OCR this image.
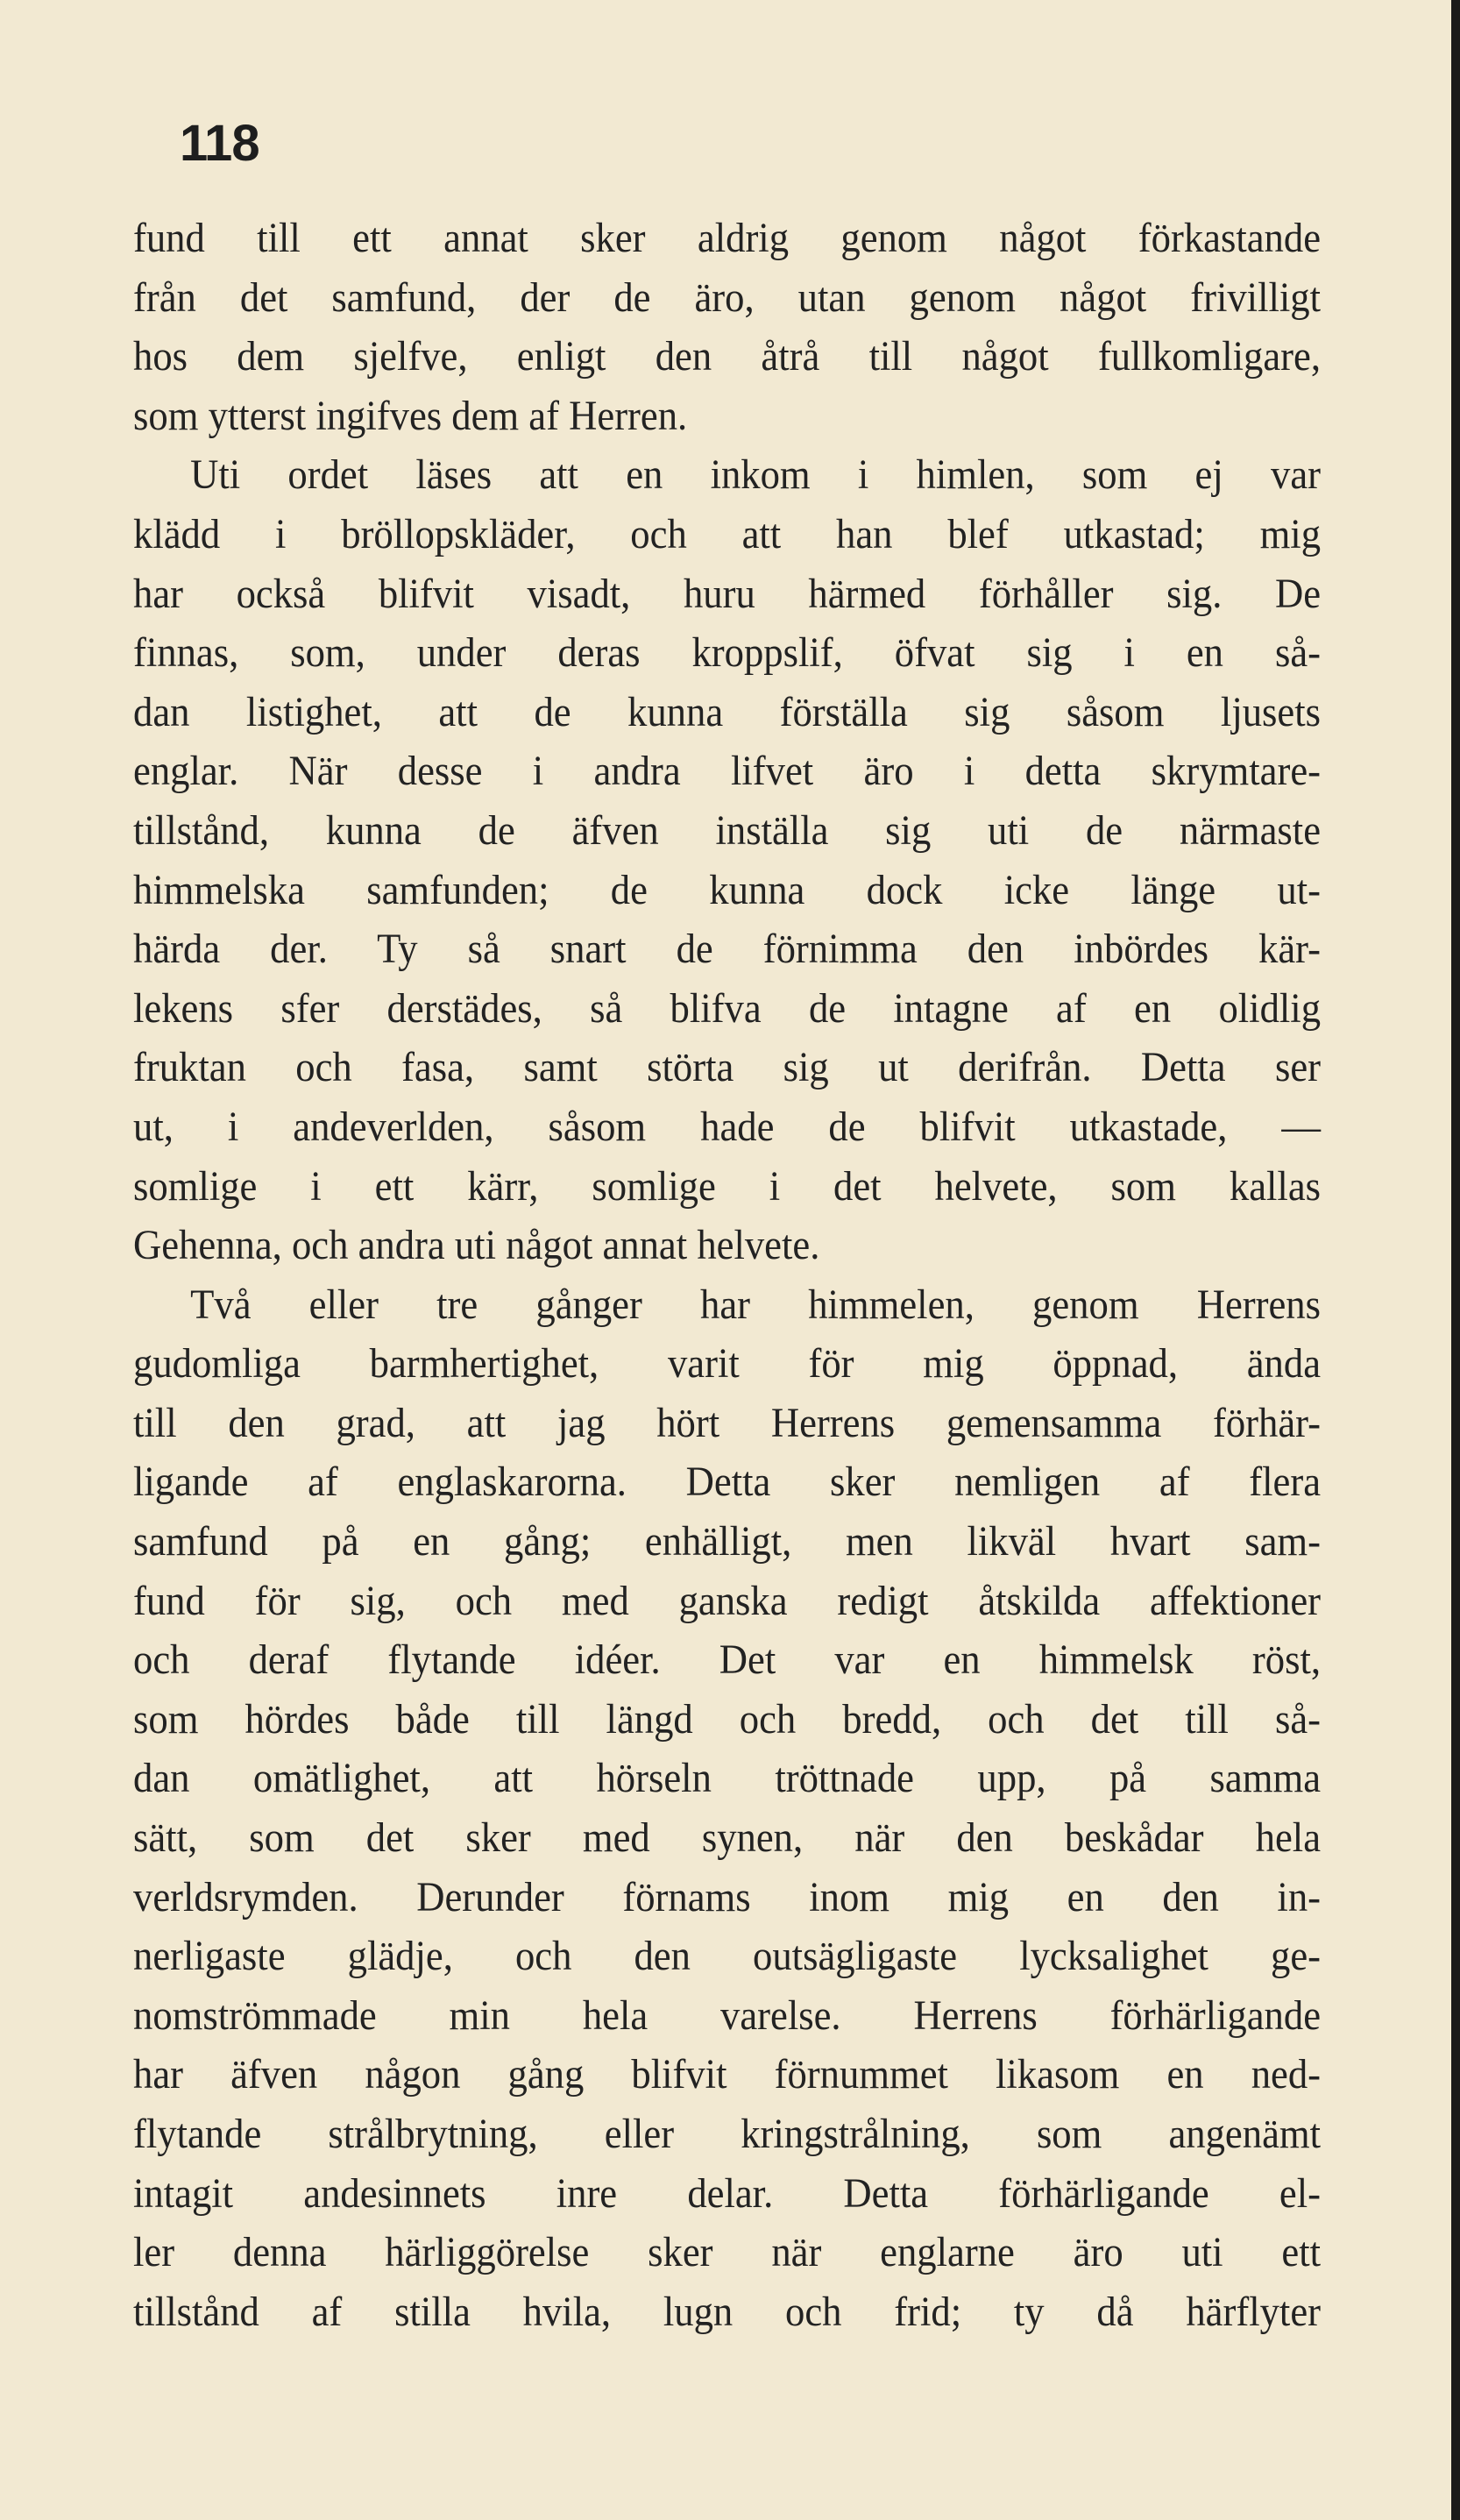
118
fund till ett annat sker aldrig genom något förkastande
från det samfund, der de äro, utan genom något frivilligt
hos dem sjelfve, enligt den åtrå till något fullkomligare,
som ytterst ingifves dem af Herren.
Uti ordet läses att en inkom i himlen, som ej var
klädd i bröllopskläder, och att han blef utkastad; mig
har också blifvit visadt, huru härmed förhåller sig. De
finnas, som, under deras kroppslif, öfvat sig i en så-
dan listighet, att de kunna förställa sig såsom ljusets
englar. När desse i andra lifvet äro i detta skrymtare-
tillstånd, kunna de äfven inställa sig uti de närmaste
himmelska samfunden; de kunna dock icke länge ut-
härda der. Ty så snart de förnimma den inbördes kär-
lekens sfer derstädes, så blifva de intagne af en olidlig
fruktan och fasa, samt störta sig ut derifrån. Detta ser
ut, i andeverlden, såsom hade de blifvit utkastade, —
somlige i ett kärr, somlige i det helvete, som kallas
Gehenna, och andra uti något annat helvete.
Två eller tre gånger har himmelen, genom Herrens
gudomliga barmhertighet, varit för mig öppnad, ända
till den grad, att jag hört Herrens gemensamma förhär-
ligande af englaskarorna. Detta sker nemligen af flera
samfund på en gång; enhälligt, men likväl hvart sam-
fund för sig, och med ganska redigt åtskilda affektioner
och deraf flytande idéer. Det var en himmelsk röst,
som hördes både till längd och bredd, och det till så-
dan omätlighet, att hörseln tröttnade upp, på samma
sätt, som det sker med synen, när den beskådar hela
verldsrymden. Derunder förnams inom mig en den in-
nerligaste glädje, och den outsägligaste lycksalighet ge-
nomströmmade min hela varelse. Herrens förhärligande
har äfven någon gång blifvit förnummet likasom en ned-
flytande strålbrytning, eller kringstrålning, som angenämt
intagit andesinnets inre delar. Detta förhärligande el-
ler denna härliggörelse sker när englarne äro uti ett
tillstånd af stilla hvila, lugn och frid; ty då härflyter
